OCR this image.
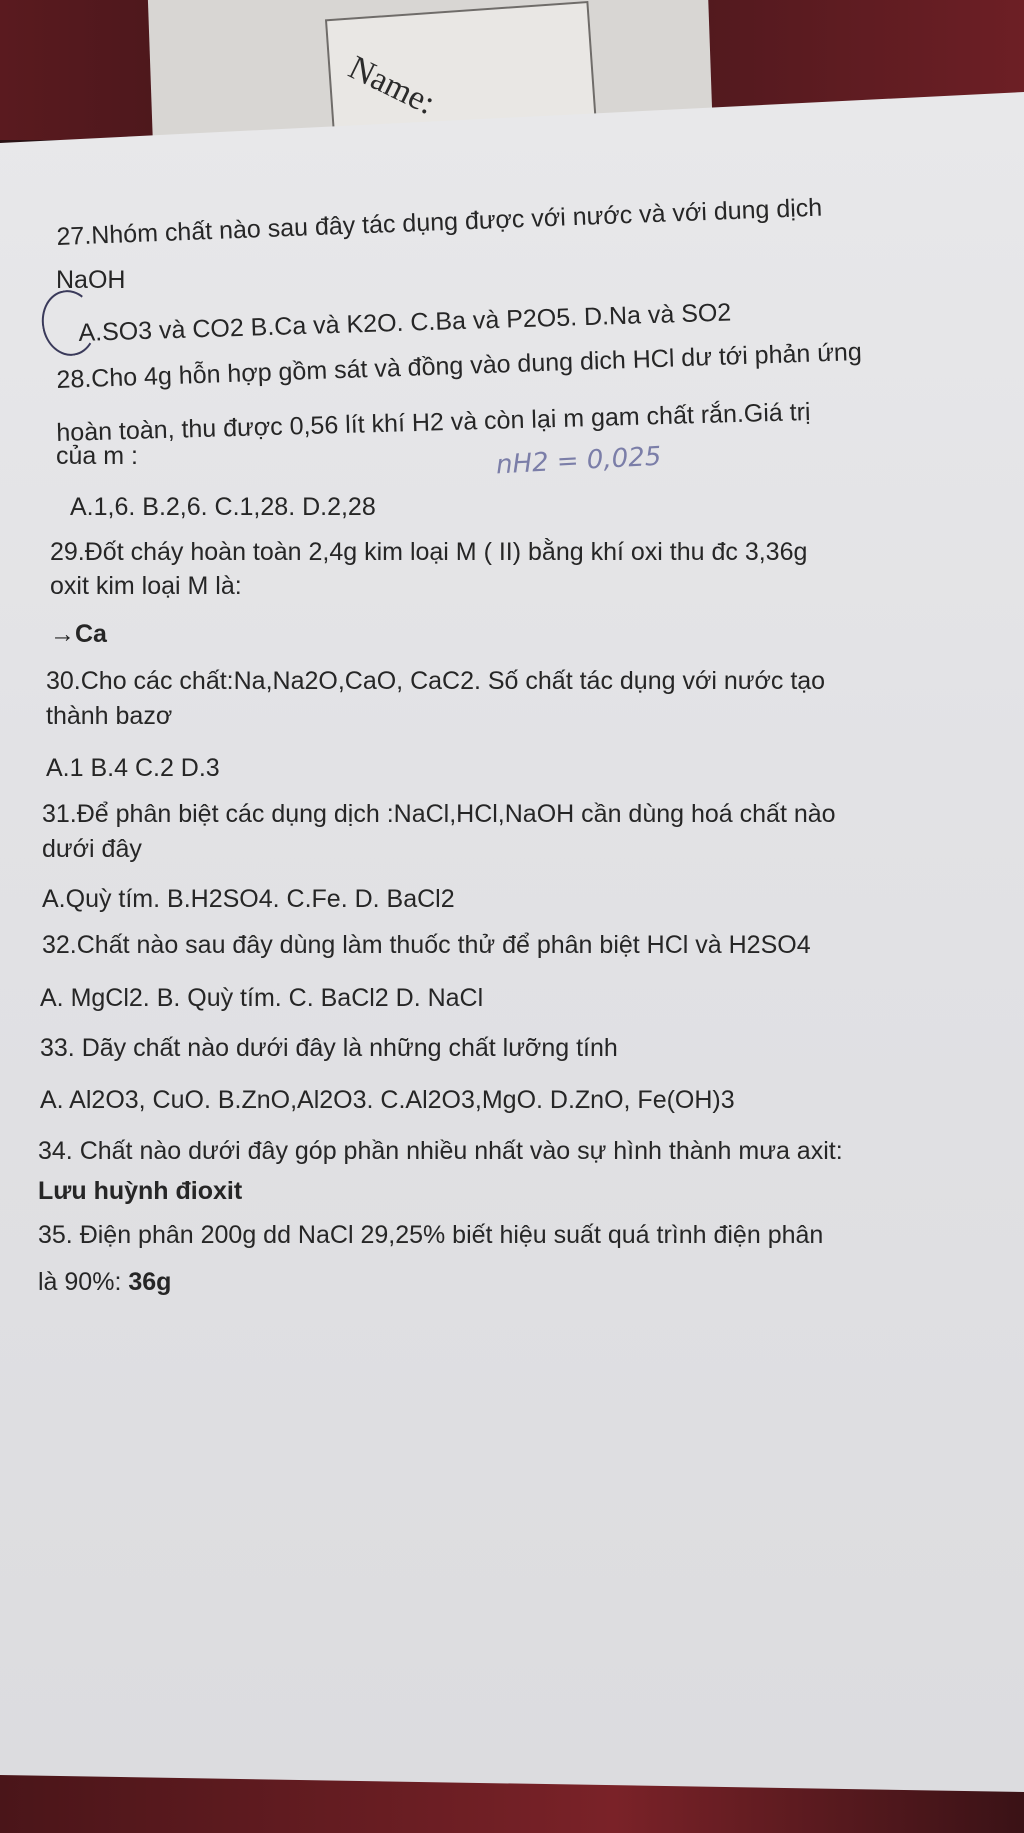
Name:
27.Nhóm chất nào sau đây tác dụng được với nước và với dung dịch
NaOH
A.SO3 và CO2 B.Ca và K2O. C.Ba và P2O5. D.Na và SO2
28.Cho 4g hỗn hợp gồm sát và đồng vào dung dich HCl dư tới phản ứng
hoàn toàn, thu được 0,56 lít khí H2 và còn lại m gam chất rắn.Giá trị
của m :	nH2 = 0,025
A.1,6. B.2,6. C.1,28. D.2,28
29.Đốt cháy hoàn toàn 2,4g kim loại M ( II) bằng khí oxi thu đc 3,36g
oxit kim loại M là:
→Ca
30.Cho các chất:Na,Na2O,CaO, CaC2. Số chất tác dụng với nước tạo
thành bazơ
A.1 B.4 C.2 D.3
31.Để phân biệt các dụng dịch :NaCl,HCl,NaOH cần dùng hoá chất nào
dưới đây
A.Quỳ tím. B.H2SO4. C.Fe. D. BaCl2
32.Chất nào sau đây dùng làm thuốc thử để phân biệt HCl và H2SO4
A. MgCl2. B. Quỳ tím. C. BaCl2 D. NaCl
33. Dãy chất nào dưới đây là những chất lưỡng tính
A. Al2O3, CuO. B.ZnO,Al2O3. C.Al2O3,MgO. D.ZnO, Fe(OH)3
34. Chất nào dưới đây góp phần nhiều nhất vào sự hình thành mưa axit:
Lưu huỳnh đioxit
35. Điện phân 200g dd NaCl 29,25% biết hiệu suất quá trình điện phân
là 90%: 36g
